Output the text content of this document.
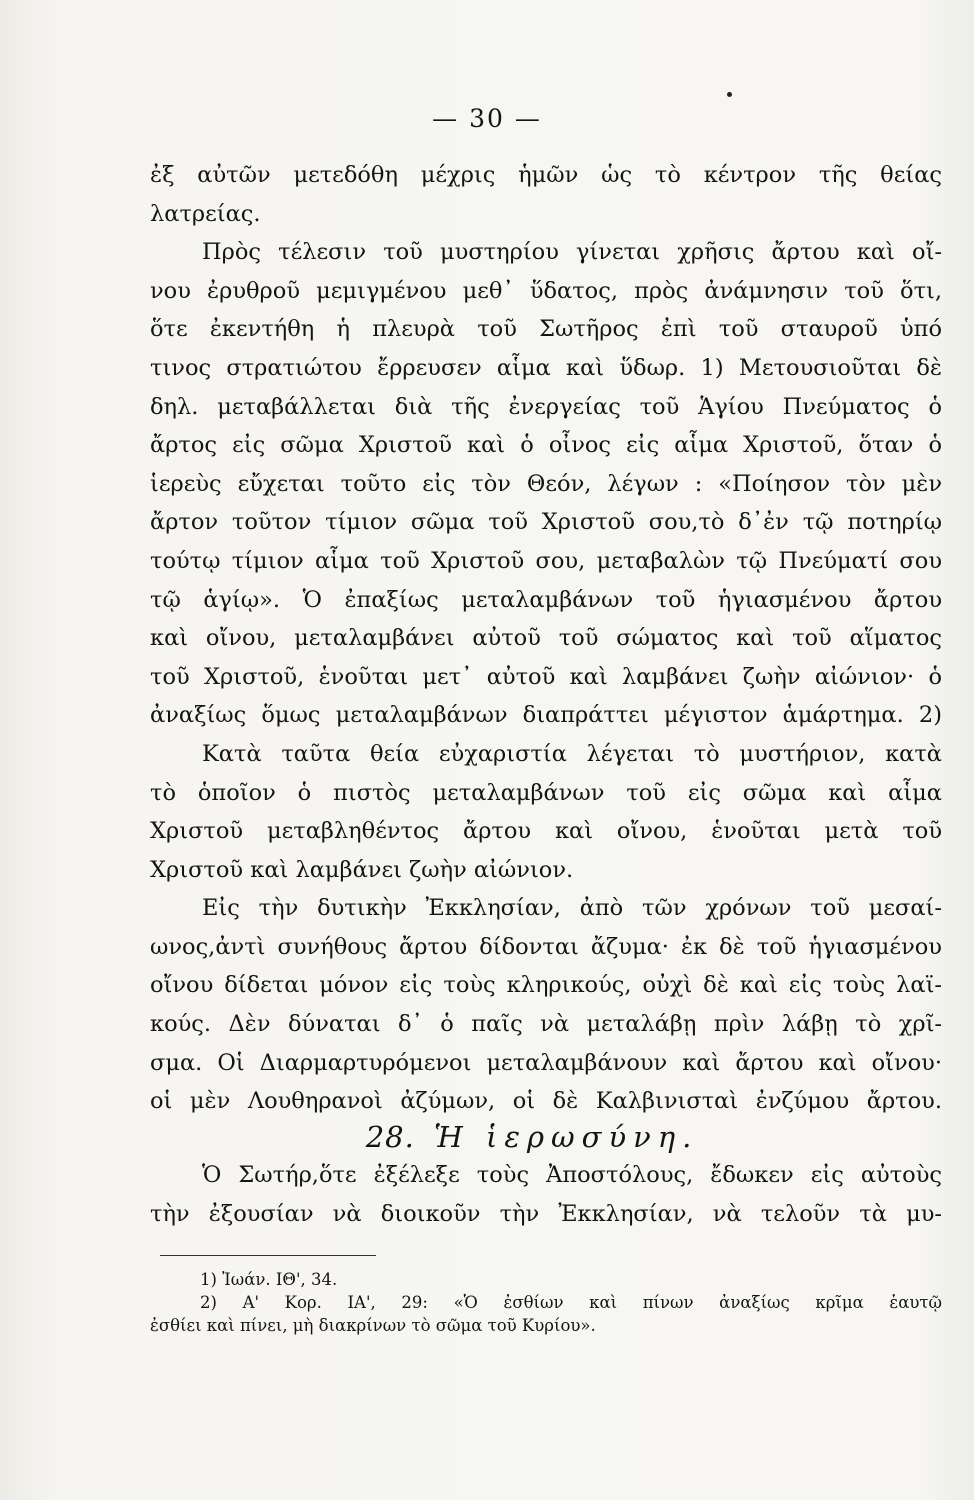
— 30 —
ἐξ αὐτῶν μετεδόθη μέχρις ἡμῶν ὡς τὸ κέντρον τῆς θείας
λατρείας.
Πρὸς τέλεσιν τοῦ μυστηρίου γίνεται χρῆσις ἄρτου καὶ οἴ-
νου ἐρυθροῦ μεμιγμένου μεθ᾽ ὕδατος, πρὸς ἀνάμνησιν τοῦ ὅτι,
ὅτε ἐκεντήθη ἡ πλευρὰ τοῦ Σωτῆρος ἐπὶ τοῦ σταυροῦ ὑπό
τινος στρατιώτου ἔρρευσεν αἷμα καὶ ὕδωρ. 1) Μετουσιοῦται δὲ
δηλ. μεταβάλλεται διὰ τῆς ἐνεργείας τοῦ Ἁγίου Πνεύματος ὁ
ἄρτος εἰς σῶμα Χριστοῦ καὶ ὁ οἶνος εἰς αἷμα Χριστοῦ, ὅταν ὁ
ἱερεὺς εὔχεται τοῦτο εἰς τὸν Θεόν, λέγων : «Ποίησον τὸν μὲν
ἄρτον τοῦτον τίμιον σῶμα τοῦ Χριστοῦ σου,τὸ δ᾽ἐν τῷ ποτηρίῳ
τούτῳ τίμιον αἷμα τοῦ Χριστοῦ σου, μεταβαλὼν τῷ Πνεύματί σου
τῷ ἁγίῳ». Ὁ ἐπαξίως μεταλαμβάνων τοῦ ἡγιασμένου ἄρτου
καὶ οἴνου, μεταλαμβάνει αὐτοῦ τοῦ σώματος καὶ τοῦ αἵματος
τοῦ Χριστοῦ, ἑνοῦται μετ᾽ αὐτοῦ καὶ λαμβάνει ζωὴν αἰώνιον· ὁ
ἀναξίως ὅμως μεταλαμβάνων διαπράττει μέγιστον ἁμάρτημα. 2)
Κατὰ ταῦτα θεία εὐχαριστία λέγεται τὸ μυστήριον, κατὰ
τὸ ὁποῖον ὁ πιστὸς μεταλαμβάνων τοῦ εἰς σῶμα καὶ αἷμα
Χριστοῦ μεταβληθέντος ἄρτου καὶ οἴνου, ἑνοῦται μετὰ τοῦ
Χριστοῦ καὶ λαμβάνει ζωὴν αἰώνιον.
Εἰς τὴν δυτικὴν Ἐκκλησίαν, ἀπὸ τῶν χρόνων τοῦ μεσαί-
ωνος,ἀντὶ συνήθους ἄρτου δίδονται ἄζυμα· ἐκ δὲ τοῦ ἡγιασμένου
οἴνου δίδεται μόνον εἰς τοὺς κληρικούς, οὐχὶ δὲ καὶ εἰς τοὺς λαϊ-
κούς. Δὲν δύναται δ᾽ ὁ παῖς νὰ μεταλάβῃ πρὶν λάβῃ τὸ χρῖ-
σμα. Οἱ Διαρμαρτυρόμενοι μεταλαμβάνουν καὶ ἄρτου καὶ οἴνου·
οἱ μὲν Λουθηρανοὶ ἀζύμων, οἱ δὲ Καλβινισταὶ ἐνζύμου ἄρτου.
28. Ἡ ἱερωσύνη.
Ὁ Σωτήρ,ὅτε ἐξέλεξε τοὺς Ἀποστόλους, ἔδωκεν εἰς αὐτοὺς
τὴν ἐξουσίαν νὰ διοικοῦν τὴν Ἐκκλησίαν, νὰ τελοῦν τὰ μυ-
1) Ἰωάν. ΙΘ', 34.
2) Α' Κορ. ΙΑ', 29: «Ὁ ἐσθίων καὶ πίνων ἀναξίως κρῖμα ἑαυτῷ
ἐσθίει καὶ πίνει, μὴ διακρίνων τὸ σῶμα τοῦ Κυρίου».
